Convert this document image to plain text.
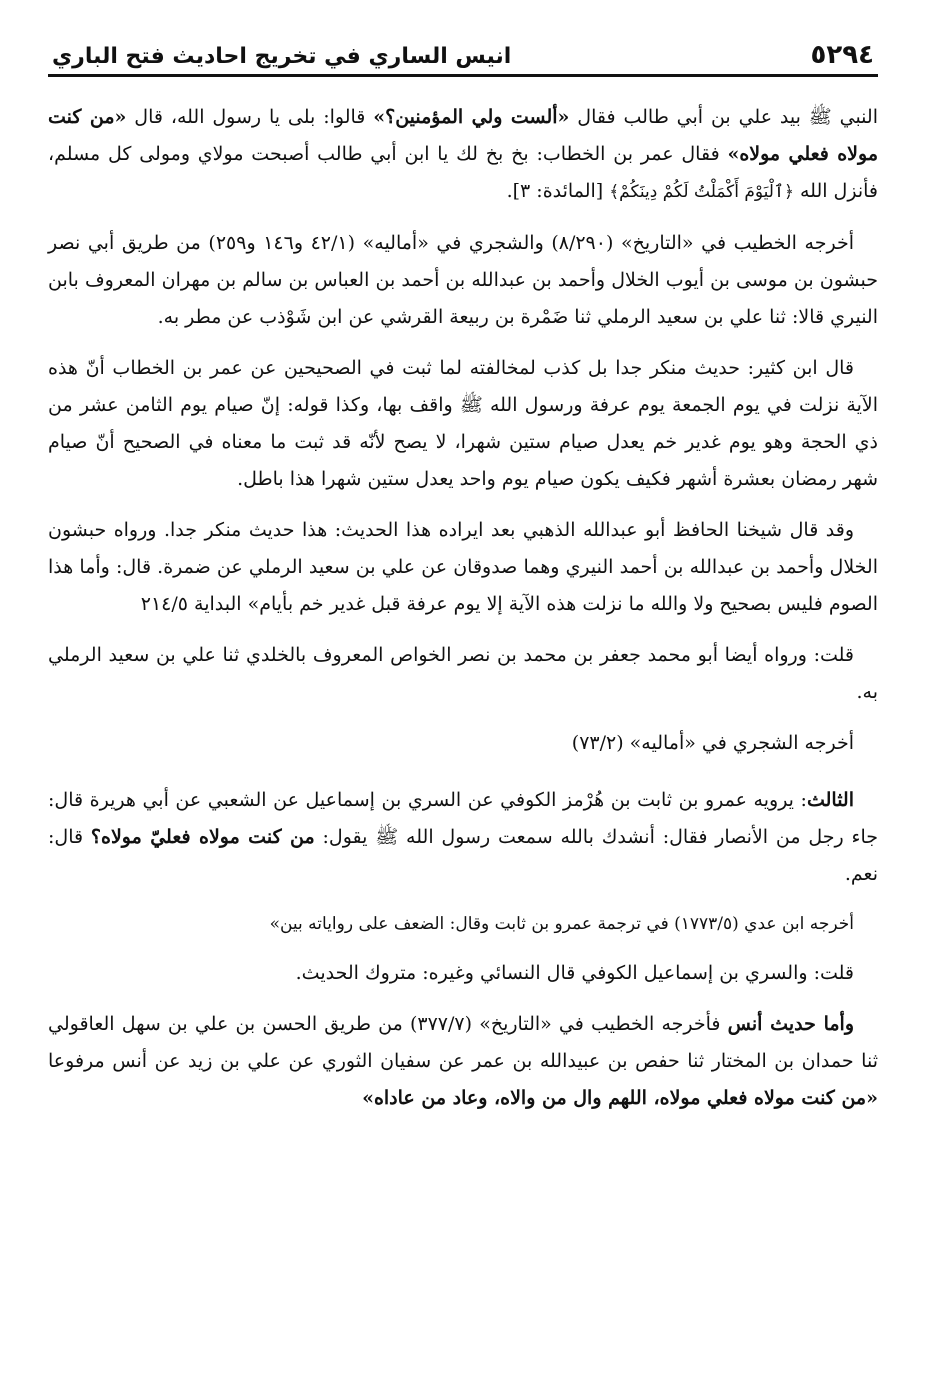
٥٢٩٤
انيس الساري في تخريج احاديث فتح الباري

النبي ﷺ بيد علي بن أبي طالب فقال «ألست ولي المؤمنين؟» قالوا: بلى يا رسول الله، قال «من كنت مولاه فعلي مولاه» فقال عمر بن الخطاب: بخ بخ لك يا ابن أبي طالب أصبحت مولاي ومولى كل مسلم، فأنزل الله ﴿ٱلْيَوْمَ أَكْمَلْتُ لَكُمْ دِينَكُمْ﴾ [المائدة: ٣].

أخرجه الخطيب في «التاريخ» (٨/٢٩٠) والشجري في «أماليه» (٤٢/١ و١٤٦ و٢٥٩) من طريق أبي نصر حبشون بن موسى بن أيوب الخلال وأحمد بن عبدالله بن أحمد بن العباس بن سالم بن مهران المعروف بابن النيري قالا: ثنا علي بن سعيد الرملي ثنا ضَمْرة بن ربيعة القرشي عن ابن شَوْذب عن مطر به.

قال ابن كثير: حديث منكر جدا بل كذب لمخالفته لما ثبت في الصحيحين عن عمر بن الخطاب أنّ هذه الآية نزلت في يوم الجمعة يوم عرفة ورسول الله ﷺ واقف بها، وكذا قوله: إنّ صيام يوم الثامن عشر من ذي الحجة وهو يوم غدير خم يعدل صيام ستين شهرا، لا يصح لأنّه قد ثبت ما معناه في الصحيح أنّ صيام شهر رمضان بعشرة أشهر فكيف يكون صيام يوم واحد يعدل ستين شهرا هذا باطل.

وقد قال شيخنا الحافظ أبو عبدالله الذهبي بعد ايراده هذا الحديث: هذا حديث منكر جدا. ورواه حبشون الخلال وأحمد بن عبدالله بن أحمد النيري وهما صدوقان عن علي بن سعيد الرملي عن ضمرة. قال: وأما هذا الصوم فليس بصحيح ولا والله ما نزلت هذه الآية إلا يوم عرفة قبل غدير خم بأيام» البداية ٢١٤/٥

قلت: ورواه أيضا أبو محمد جعفر بن محمد بن نصر الخواص المعروف بالخلدي ثنا علي بن سعيد الرملي به.

أخرجه الشجري في «أماليه» (٧٣/٢)

الثالث: يرويه عمرو بن ثابت بن هُرْمز الكوفي عن السري بن إسماعيل عن الشعبي عن أبي هريرة قال: جاء رجل من الأنصار فقال: أنشدك بالله سمعت رسول الله ﷺ يقول: من كنت مولاه فعليّ مولاه؟ قال: نعم.

أخرجه ابن عدي (١٧٧٣/٥) في ترجمة عمرو بن ثابت وقال: الضعف على رواياته بين»

قلت: والسري بن إسماعيل الكوفي قال النسائي وغيره: متروك الحديث.

وأما حديث أنس فأخرجه الخطيب في «التاريخ» (٣٧٧/٧) من طريق الحسن بن علي بن سهل العاقولي ثنا حمدان بن المختار ثنا حفص بن عبيدالله بن عمر عن سفيان الثوري عن علي بن زيد عن أنس مرفوعا «من كنت مولاه فعلي مولاه، اللهم وال من والاه، وعاد من عاداه»
